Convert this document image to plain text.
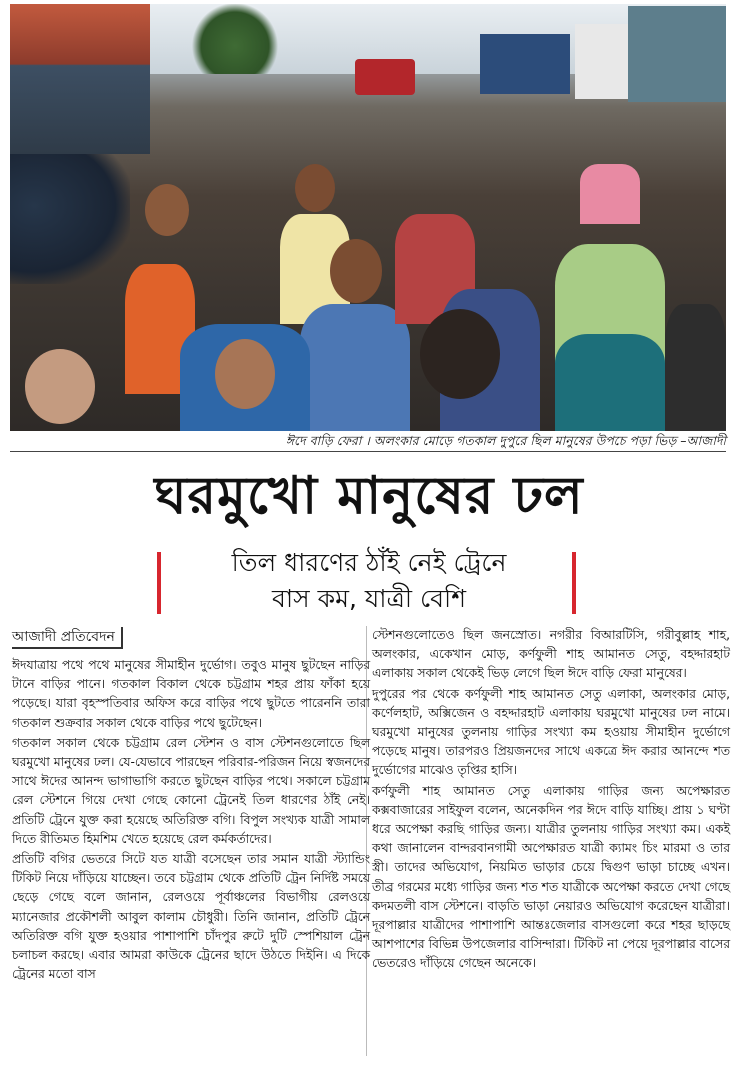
ঈদে বাড়ি ফেরা । অলংকার মোড়ে গতকাল দুপুরে ছিল মানুষের উপচে পড়া ভিড় –আজাদী
ঘরমুখো মানুষের ঢল
তিল ধারণের ঠাঁই নেই ট্রেনে
বাস কম, যাত্রী বেশি
আজাদী প্রতিবেদন

ঈদযাত্রায় পথে পথে মানুষের সীমাহীন দুর্ভোগ। তবুও মানুষ ছুটছেন নাড়ির টানে বাড়ির পানে। গতকাল বিকাল থেকে চট্টগ্রাম শহর প্রায় ফাঁকা হয়ে পড়েছে। যারা বৃহস্পতিবার অফিস করে বাড়ির পথে ছুটতে পারেননি তারা গতকাল শুক্রবার সকাল থেকে বাড়ির পথে ছুটেছেন।

গতকাল সকাল থেকে চট্টগ্রাম রেল স্টেশন ও বাস স্টেশনগুলোতে ছিল ঘরমুখো মানুষের ঢল। যে-যেভাবে পারছেন পরিবার-পরিজন নিয়ে স্বজনদের সাথে ঈদের আনন্দ ভাগাভাগি করতে ছুটছেন বাড়ির পথে। সকালে চট্টগ্রাম রেল স্টেশনে গিয়ে দেখা গেছে কোনো ট্রেনেই তিল ধারণের ঠাঁই নেই। প্রতিটি ট্রেনে যুক্ত করা হয়েছে অতিরিক্ত বগি। বিপুল সংখ্যক যাত্রী সামাল দিতে রীতিমত হিমশিম খেতে হয়েছে রেল কর্মকর্তাদের।

প্রতিটি বগির ভেতরে সিটে যত যাত্রী বসেছেন তার সমান যাত্রী স্ট্যান্ডিং টিকিট নিয়ে দাঁড়িয়ে যাচ্ছেন। তবে চট্টগ্রাম থেকে প্রতিটি ট্রেন নির্দিষ্ট সময়ে ছেড়ে গেছে বলে জানান, রেলওয়ে পূর্বাঞ্চলের বিভাগীয় রেলওয়ে ম্যানেজার প্রকৌশলী আবুল কালাম চৌধুরী। তিনি জানান, প্রতিটি ট্রেনে অতিরিক্ত বগি যুক্ত হওয়ার পাশাপাশি চাঁদপুর রুটে দুটি স্পেশিয়াল ট্রেন চলাচল করছে। এবার আমরা কাউকে ট্রেনের ছাদে উঠতে দিইনি। এ দিকে ট্রেনের মতো বাস

স্টেশনগুলোতেও ছিল জনস্রোত। নগরীর বিআরটিসি, গরীবুল্লাহ শাহ, অলংকার, একেখান মোড়, কর্ণফুলী শাহ আমানত সেতু, বহদ্দারহাট এলাকায় সকাল থেকেই ভিড় লেগে ছিল ঈদে বাড়ি ফেরা মানুষের।

দুপুরের পর থেকে কর্ণফুলী শাহ আমানত সেতু এলাকা, অলংকার মোড়, কর্ণেলহাট, অক্সিজেন ও বহদ্দারহাট এলাকায় ঘরমুখো মানুষের ঢল নামে। ঘরমুখো মানুষের তুলনায় গাড়ির সংখ্যা কম হওয়ায় সীমাহীন দুর্ভোগে পড়েছে মানুষ। তারপরও প্রিয়জনদের সাথে একত্রে ঈদ করার আনন্দে শত দুর্ভোগের মাঝেও তৃপ্তির হাসি।

কর্ণফুলী শাহ আমানত সেতু এলাকায় গাড়ির জন্য অপেক্ষারত কক্সবাজারের সাইফুল বলেন, অনেকদিন পর ঈদে বাড়ি যাচ্ছি। প্রায় ১ ঘণ্টা ধরে অপেক্ষা করছি গাড়ির জন্য। যাত্রীর তুলনায় গাড়ির সংখ্যা কম। একই কথা জানালেন বান্দরবানগামী অপেক্ষারত যাত্রী ক্যামং চিং মারমা ও তার স্ত্রী। তাদের অভিযোগ, নিয়মিত ভাড়ার চেয়ে দ্বিগুণ ভাড়া চাচ্ছে এখন। তীব্র গরমের মধ্যে গাড়ির জন্য শত শত যাত্রীকে অপেক্ষা করতে দেখা গেছে কদমতলী বাস স্টেশনে। বাড়তি ভাড়া নেয়ারও অভিযোগ করেছেন যাত্রীরা। দূরপাল্লার যাত্রীদের পাশাপাশি আন্তঃজেলার বাসগুলো করে শহর ছাড়ছে আশপাশের বিভিন্ন উপজেলার বাসিন্দারা। টিকিট না পেয়ে দূরপাল্লার বাসের ভেতরেও দাঁড়িয়ে গেছেন অনেকে।
